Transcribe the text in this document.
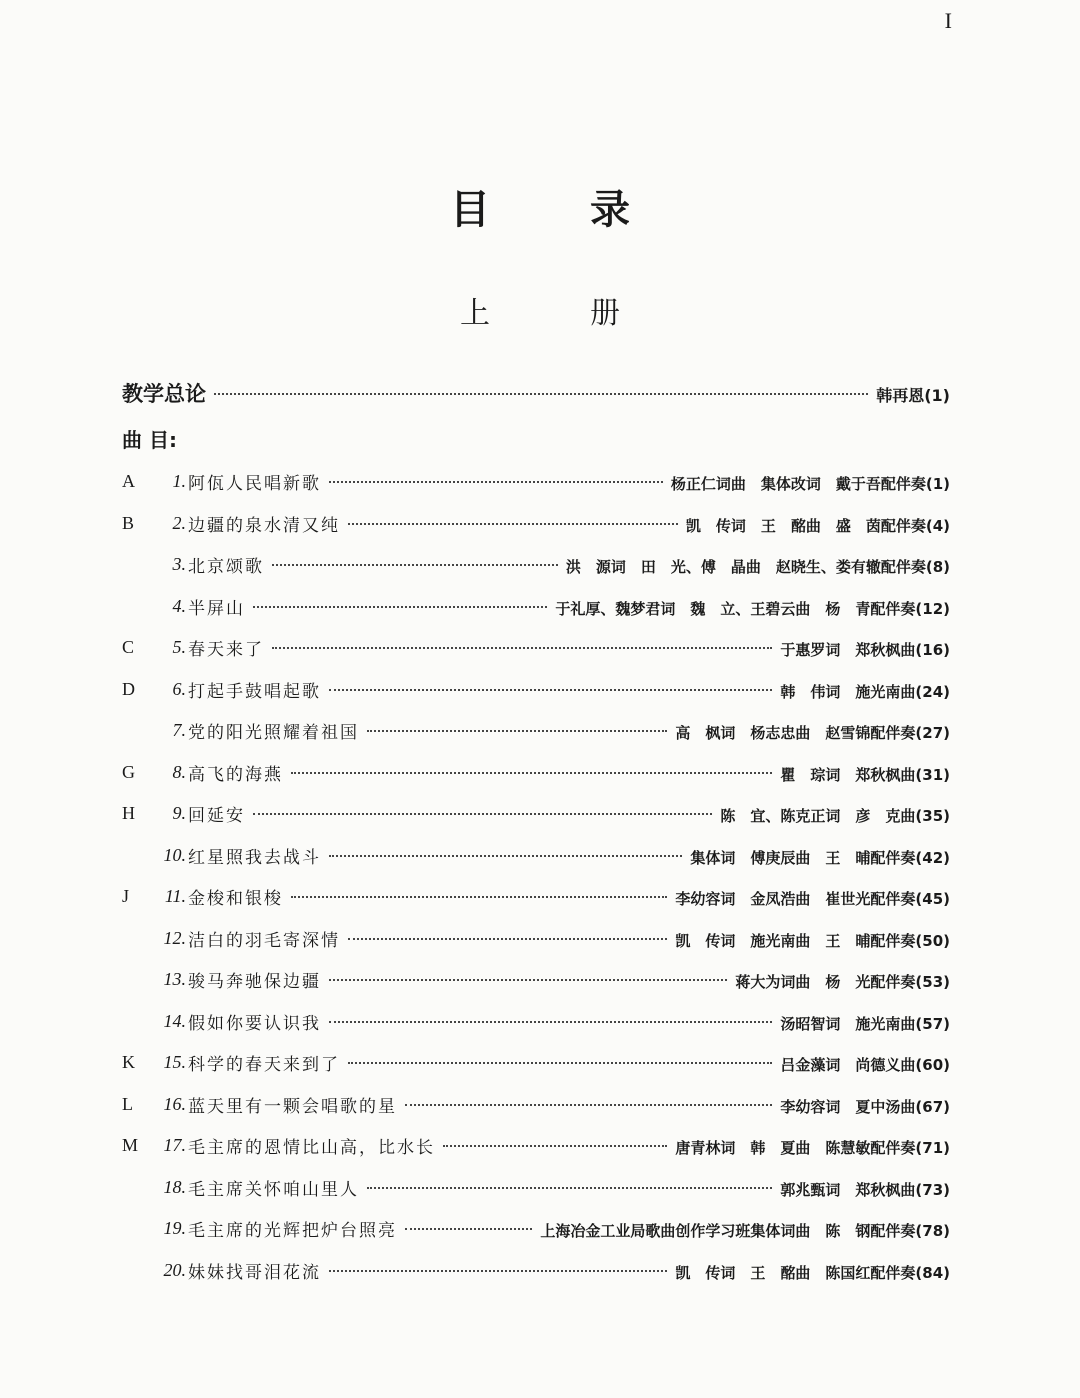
I
目录
上册
教学总论	韩再恩(1)
曲 目:
A	1. 阿佤人民唱新歌	杨正仁词曲　集体改词　戴于吾配伴奏(1)
B	2. 边疆的泉水清又纯	凯　传词　王　酩曲　盛　茵配伴奏(4)
3. 北京颂歌	洪　源词　田　光、傅　晶曲　赵晓生、娄有辙配伴奏(8)
4. 半屏山	于礼厚、魏梦君词　魏　立、王碧云曲　杨　青配伴奏(12)
C	5. 春天来了	于惠罗词　郑秋枫曲(16)
D	6. 打起手鼓唱起歌	韩　伟词　施光南曲(24)
7. 党的阳光照耀着祖国	高　枫词　杨志忠曲　赵雪锦配伴奏(27)
G	8. 高飞的海燕	瞿　琮词　郑秋枫曲(31)
H	9. 回延安	陈　宜、陈克正词　彦　克曲(35)
10. 红星照我去战斗	集体词　傅庚辰曲　王　晡配伴奏(42)
J	11. 金梭和银梭	李幼容词　金凤浩曲　崔世光配伴奏(45)
12. 洁白的羽毛寄深情	凯　传词　施光南曲　王　晡配伴奏(50)
13. 骏马奔驰保边疆	蒋大为词曲　杨　光配伴奏(53)
14. 假如你要认识我	汤昭智词　施光南曲(57)
K	15. 科学的春天来到了	吕金藻词　尚德义曲(60)
L	16. 蓝天里有一颗会唱歌的星	李幼容词　夏中汤曲(67)
M	17. 毛主席的恩情比山高，比水长	唐青林词　韩　夏曲　陈慧敏配伴奏(71)
18. 毛主席关怀咱山里人	郭兆甄词　郑秋枫曲(73)
19. 毛主席的光辉把炉台照亮	上海冶金工业局歌曲创作学习班集体词曲　陈　钢配伴奏(78)
20. 妹妹找哥泪花流	凯　传词　王　酩曲　陈国红配伴奏(84)
